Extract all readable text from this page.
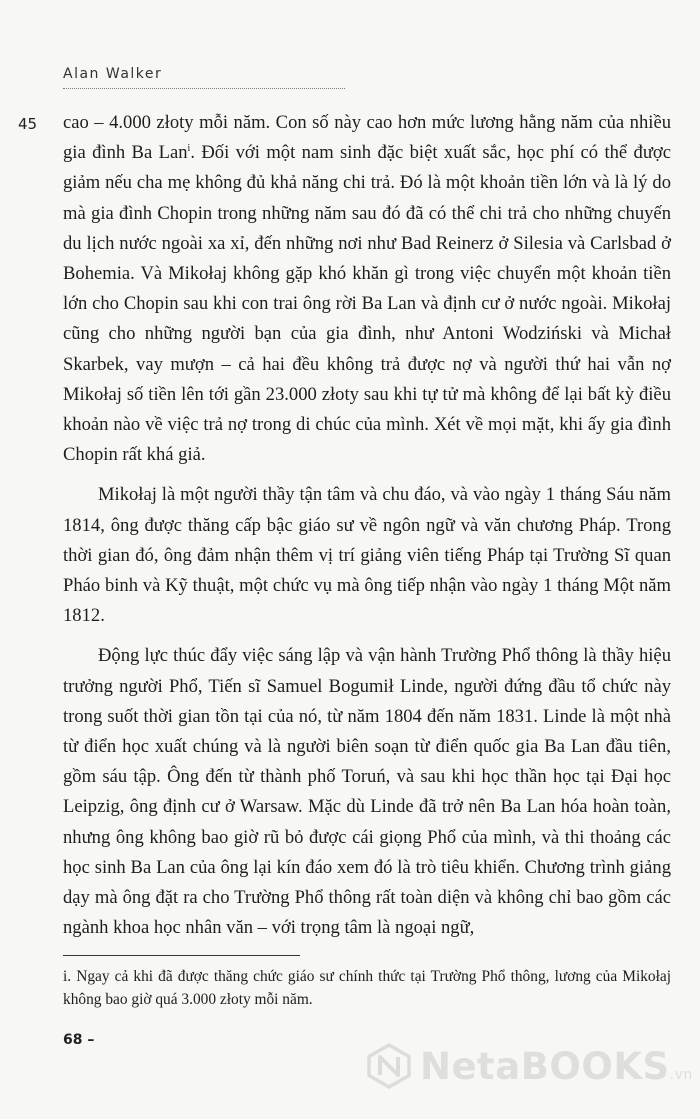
Alan Walker
45 cao – 4.000 złoty mỗi năm. Con số này cao hơn mức lương hằng năm của nhiều gia đình Ba Lan$^i$. Đối với một nam sinh đặc biệt xuất sắc, học phí có thể được giảm nếu cha mẹ không đủ khả năng chi trả. Đó là một khoản tiền lớn và là lý do mà gia đình Chopin trong những năm sau đó đã có thể chi trả cho những chuyến du lịch nước ngoài xa xỉ, đến những nơi như Bad Reinerz ở Silesia và Carlsbad ở Bohemia. Và Mikołaj không gặp khó khăn gì trong việc chuyển một khoản tiền lớn cho Chopin sau khi con trai ông rời Ba Lan và định cư ở nước ngoài. Mikołaj cũng cho những người bạn của gia đình, như Antoni Wodziński và Michał Skarbek, vay mượn – cả hai đều không trả được nợ và người thứ hai vẫn nợ Mikołaj số tiền lên tới gần 23.000 złoty sau khi tự tử mà không để lại bất kỳ điều khoản nào về việc trả nợ trong di chúc của mình. Xét về mọi mặt, khi ấy gia đình Chopin rất khá giả.

Mikołaj là một người thầy tận tâm và chu đáo, và vào ngày 1 tháng Sáu năm 1814, ông được thăng cấp bậc giáo sư về ngôn ngữ và văn chương Pháp. Trong thời gian đó, ông đảm nhận thêm vị trí giảng viên tiếng Pháp tại Trường Sĩ quan Pháo binh và Kỹ thuật, một chức vụ mà ông tiếp nhận vào ngày 1 tháng Một năm 1812.

Động lực thúc đẩy việc sáng lập và vận hành Trường Phổ thông là thầy hiệu trưởng người Phổ, Tiến sĩ Samuel Bogumił Linde, người đứng đầu tổ chức này trong suốt thời gian tồn tại của nó, từ năm 1804 đến năm 1831. Linde là một nhà từ điển học xuất chúng và là người biên soạn từ điển quốc gia Ba Lan đầu tiên, gồm sáu tập. Ông đến từ thành phố Toruń, và sau khi học thần học tại Đại học Leipzig, ông định cư ở Warsaw. Mặc dù Linde đã trở nên Ba Lan hóa hoàn toàn, nhưng ông không bao giờ rũ bỏ được cái giọng Phổ của mình, và thi thoảng các học sinh Ba Lan của ông lại kín đáo xem đó là trò tiêu khiển. Chương trình giảng dạy mà ông đặt ra cho Trường Phổ thông rất toàn diện và không chỉ bao gồm các ngành khoa học nhân văn – với trọng tâm là ngoại ngữ,

i. Ngay cả khi đã được thăng chức giáo sư chính thức tại Trường Phổ thông, lương của Mikołaj không bao giờ quá 3.000 złoty mỗi năm.
68 –
NetaBOOKS.vn
